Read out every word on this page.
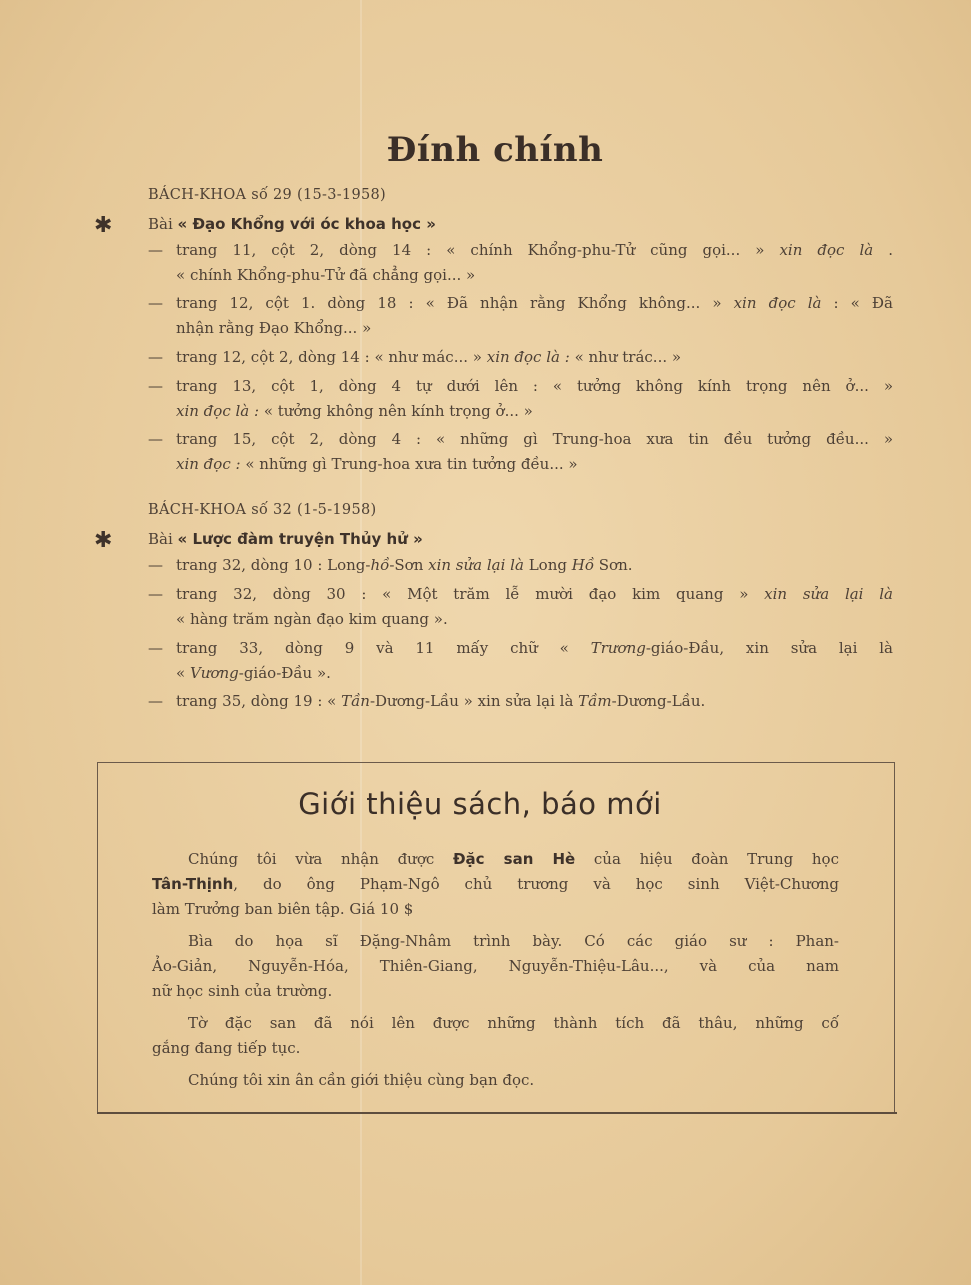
Đính chính
BÁCH-KHOA số 29 (15-3-1958)
✱ Bài « Đạo Khổng với óc khoa học »
— trang 11, cột 2, dòng 14 : « chính Khổng-phu-Tử cũng gọi... » xin đọc là .
« chính Khổng-phu-Tử đã chẳng gọi... »
— trang 12, cột 1. dòng 18 : « Đã nhận rằng Khổng không... » xin đọc là : « Đã
nhận rằng Đạo Khổng... »
— trang 12, cột 2, dòng 14 : « như mác... » xin đọc là : « như trác... »
— trang 13, cột 1, dòng 4 tự dưới lên : « tưởng không kính trọng nên ở... »
xin đọc là : « tưởng không nên kính trọng ở... »
— trang 15, cột 2, dòng 4 : « những gì Trung-hoa xưa tin đều tưởng đều... »
xin đọc : « những gì Trung-hoa xưa tin tưởng đều... »
BÁCH-KHOA số 32 (1-5-1958)
✱ Bài « Lược đàm truyện Thủy hử »
— trang 32, dòng 10 : Long-hồ-Sơn xin sửa lại là Long Hồ Sơn.
— trang 32, dòng 30 : « Một trăm lễ mười đạo kim quang » xin sửa lại là
« hàng trăm ngàn đạo kim quang ».
— trang 33, dòng 9 và 11 mấy chữ « Trương-giáo-Đầu, xin sửa lại là
« Vương-giáo-Đầu ».
— trang 35, dòng 19 : « Tần-Dương-Lầu » xin sửa lại là Tầm-Dương-Lầu.
Giới thiệu sách, báo mới
Chúng tôi vừa nhận được Đặc san Hè của hiệu đoàn Trung học
Tân-Thịnh, do ông Phạm-Ngô chủ trương và học sinh Việt-Chương
làm Trưởng ban biên tập. Giá 10 $
Bìa do họa sĩ Đặng-Nhâm trình bày. Có các giáo sư : Phan-
Ảo-Giản, Nguyễn-Hóa, Thiên-Giang, Nguyễn-Thiệu-Lâu..., và của nam
nữ học sinh của trường.
Tờ đặc san đã nói lên được những thành tích đã thâu, những cố
gắng đang tiếp tục.
Chúng tôi xin ân cần giới thiệu cùng bạn đọc.
